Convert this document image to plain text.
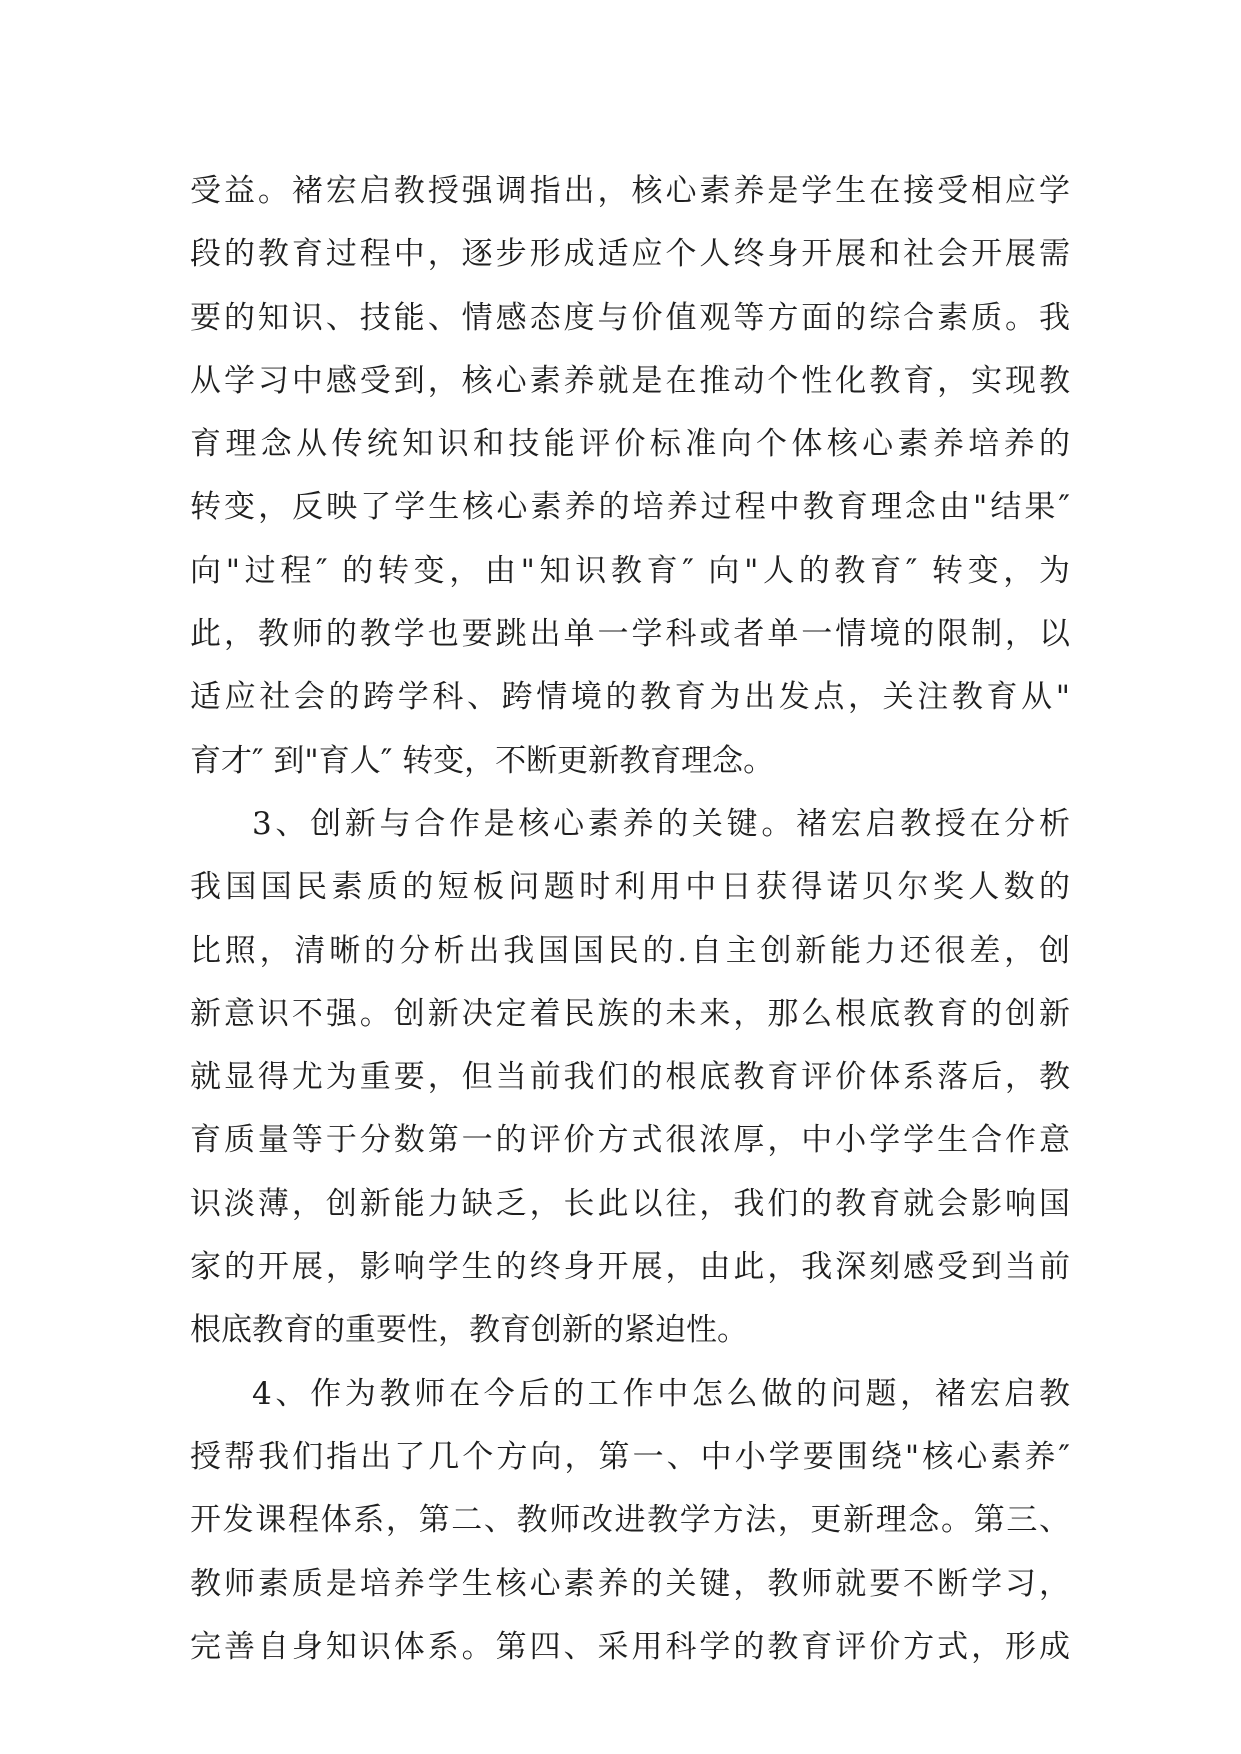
受益。褚宏启教授强调指出，核心素养是学生在接受相应学
段的教育过程中，逐步形成适应个人终身开展和社会开展需
要的知识、技能、情感态度与价值观等方面的综合素质。我
从学习中感受到，核心素养就是在推动个性化教育，实现教
育理念从传统知识和技能评价标准向个体核心素养培养的
转变，反映了学生核心素养的培养过程中教育理念由"结果″
向"过程″ 的转变，由"知识教育″ 向"人的教育″ 转变，为
此，教师的教学也要跳出单一学科或者单一情境的限制，以
适应社会的跨学科、跨情境的教育为出发点，关注教育从"
育才″ 到"育人″ 转变，不断更新教育理念。
3、创新与合作是核心素养的关键。褚宏启教授在分析
我国国民素质的短板问题时利用中日获得诺贝尔奖人数的
比照，清晰的分析出我国国民的.自主创新能力还很差，创
新意识不强。创新决定着民族的未来，那么根底教育的创新
就显得尤为重要，但当前我们的根底教育评价体系落后，教
育质量等于分数第一的评价方式很浓厚，中小学学生合作意
识淡薄，创新能力缺乏，长此以往，我们的教育就会影响国
家的开展，影响学生的终身开展，由此，我深刻感受到当前
根底教育的重要性，教育创新的紧迫性。
4、作为教师在今后的工作中怎么做的问题，褚宏启教
授帮我们指出了几个方向，第一、中小学要围绕"核心素养″
开发课程体系，第二、教师改进教学方法，更新理念。第三、
教师素质是培养学生核心素养的关键，教师就要不断学习，
完善自身知识体系。第四、采用科学的教育评价方式，形成
